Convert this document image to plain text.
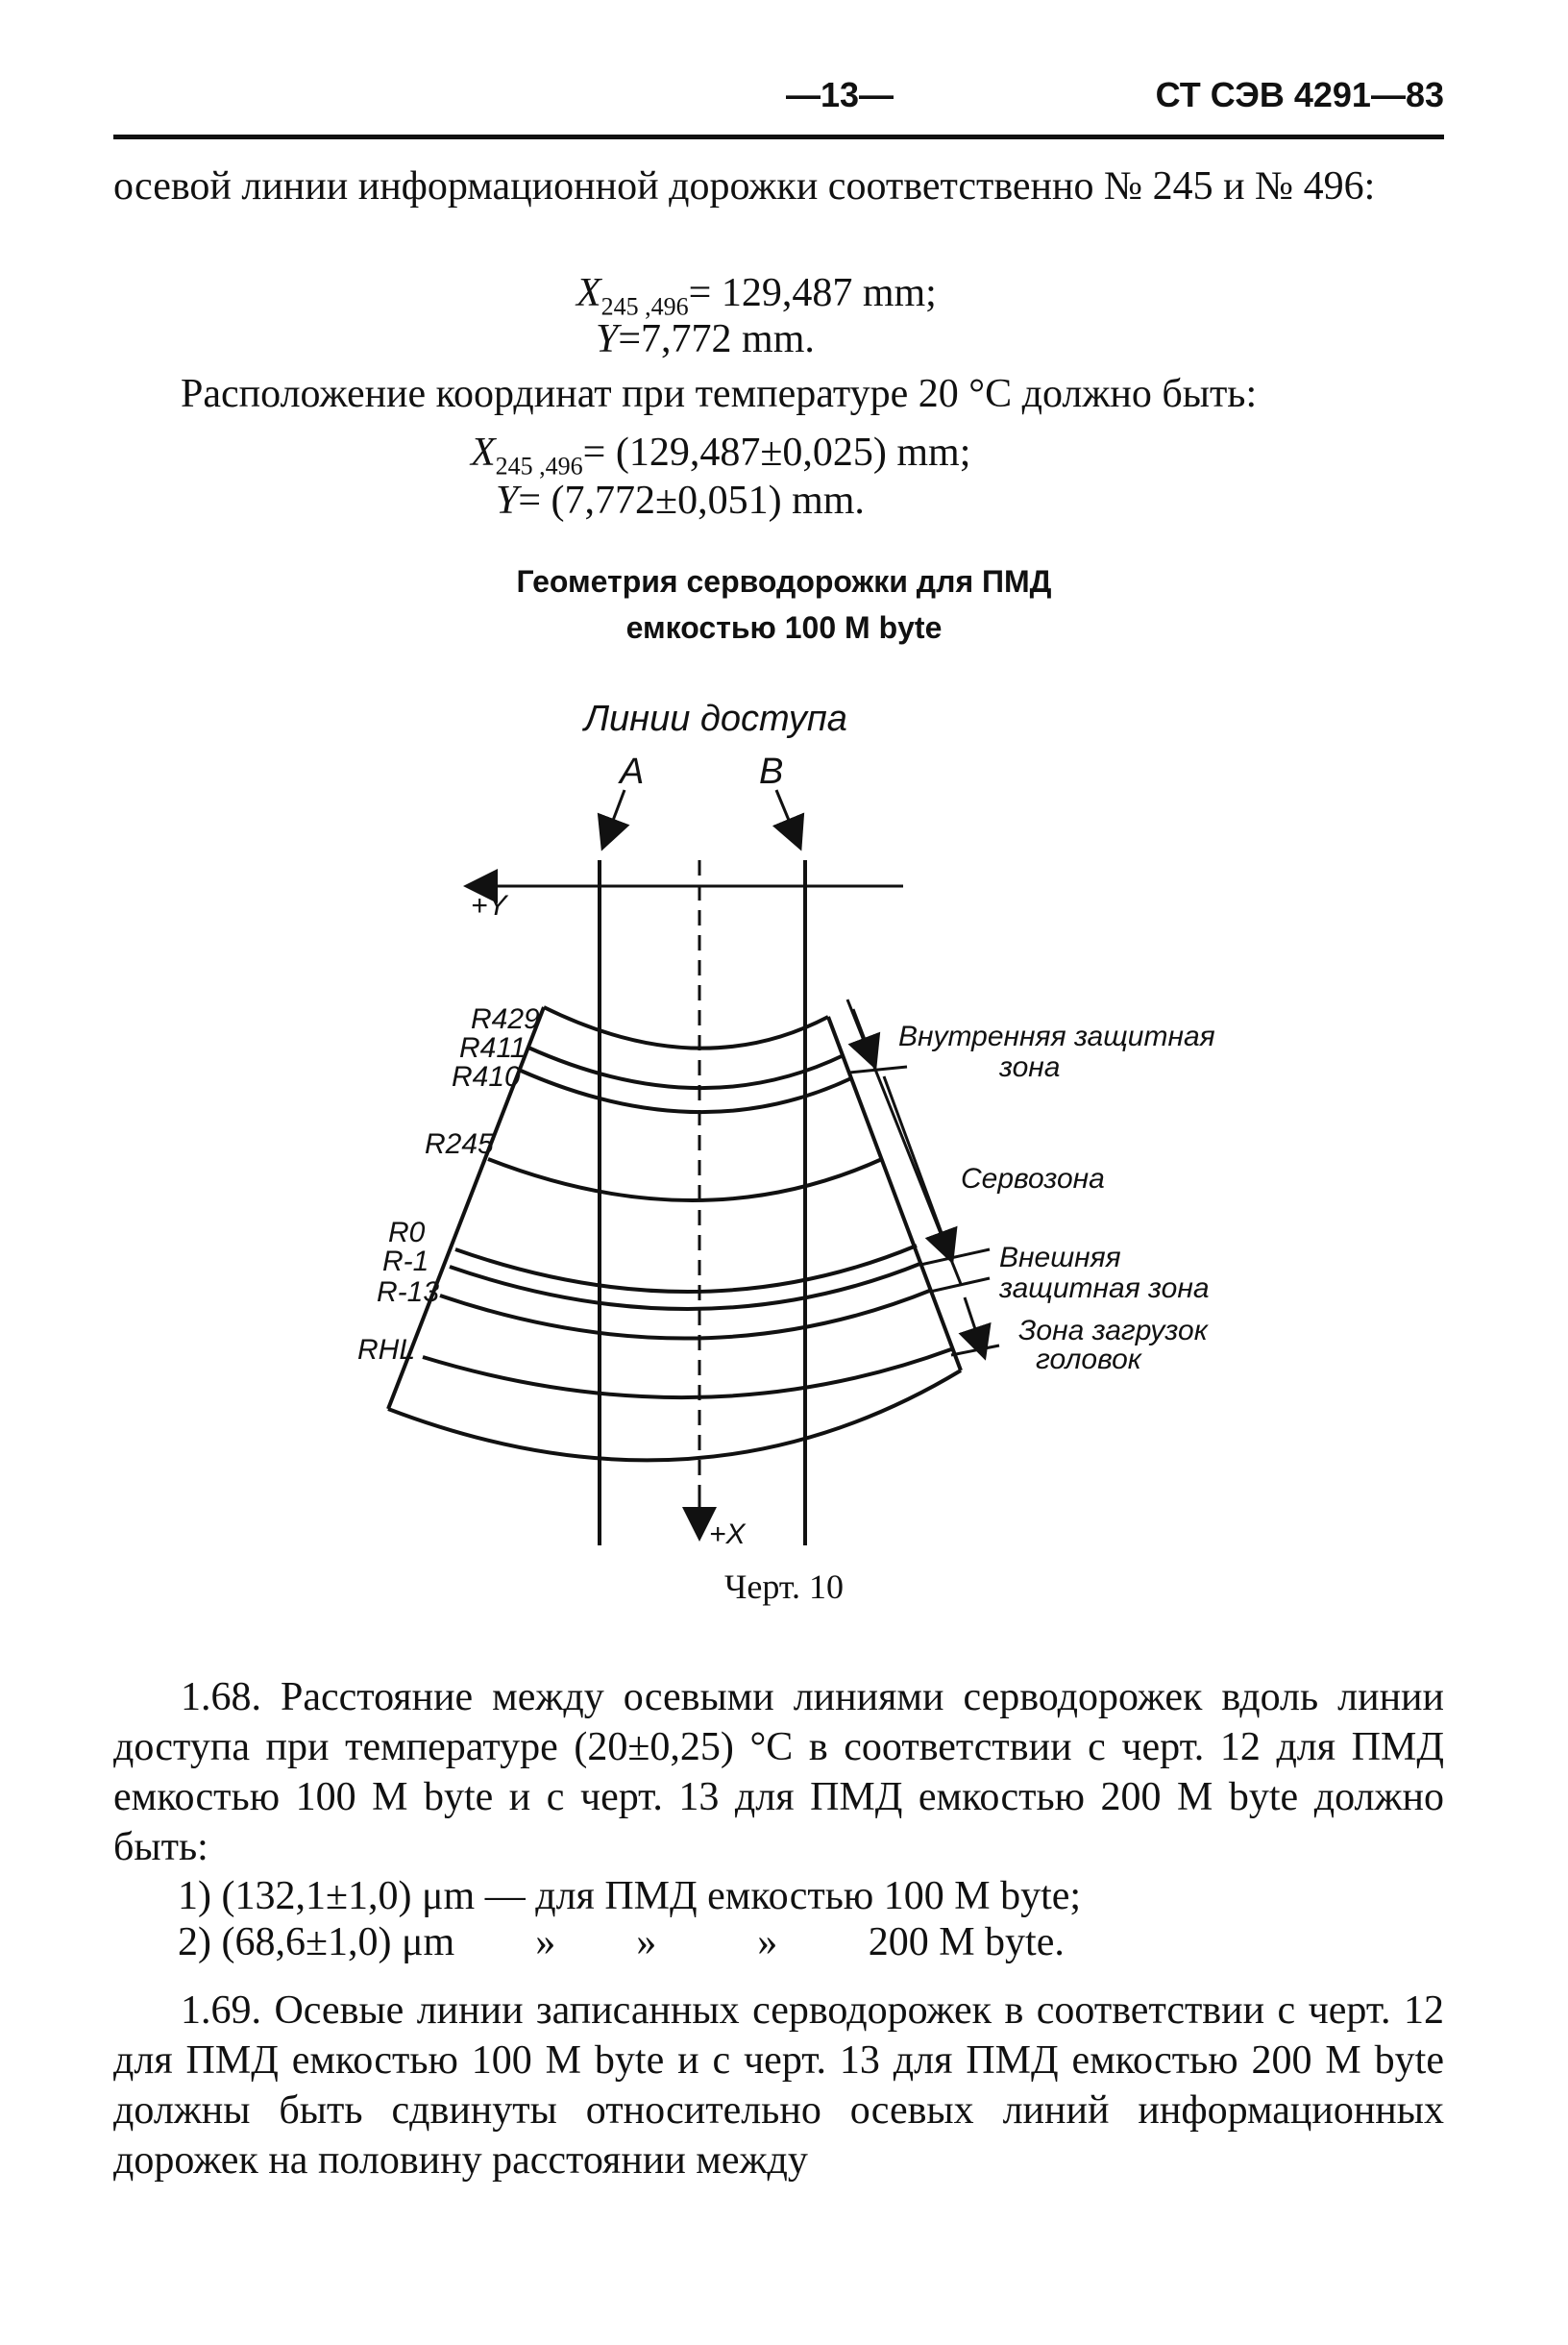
—13—	СТ СЭВ 4291—83
осевой линии информационной дорожки соответственно № 245 и № 496:
$X_{245 ,496}= 129,487$ mm;
Y=7,772 mm.
Расположение координат при температуре 20 °С должно быть:
$X_{245 ,496}= (129,487\pm 0,025)$ mm;
Y= (7,772±0,051) mm.
Геометрия серводорожки для ПМД
емкостью 100 M byte
Линии доступа
A	B
+Y
+X
R429
R411
R410
R245
R0
R-1
R-13
RHL
Внутренняя защитная
зона
Сервозона
Внешняя
защитная зона
Зона загрузок
головок
Черт. 10
1.68. Расстояние между осевыми линиями серводорожек вдоль линии доступа при температуре (20±0,25) °С в соответствии с черт. 12 для ПМД емкостью 100 M byte и с черт. 13 для ПМД емкостью 200 M byte должно быть:
1) (132,1±1,0) μm — для ПМД емкостью 100 M byte;
2) (68,6±1,0) μm        »        »          »         200 M byte.
1.69. Осевые линии записанных серводорожек в соответствии с черт. 12 для ПМД емкостью 100 M byte и с черт. 13 для ПМД емкостью 200 M byte должны быть сдвинуты относительно осевых линий информационных дорожек на половину расстоянии между
